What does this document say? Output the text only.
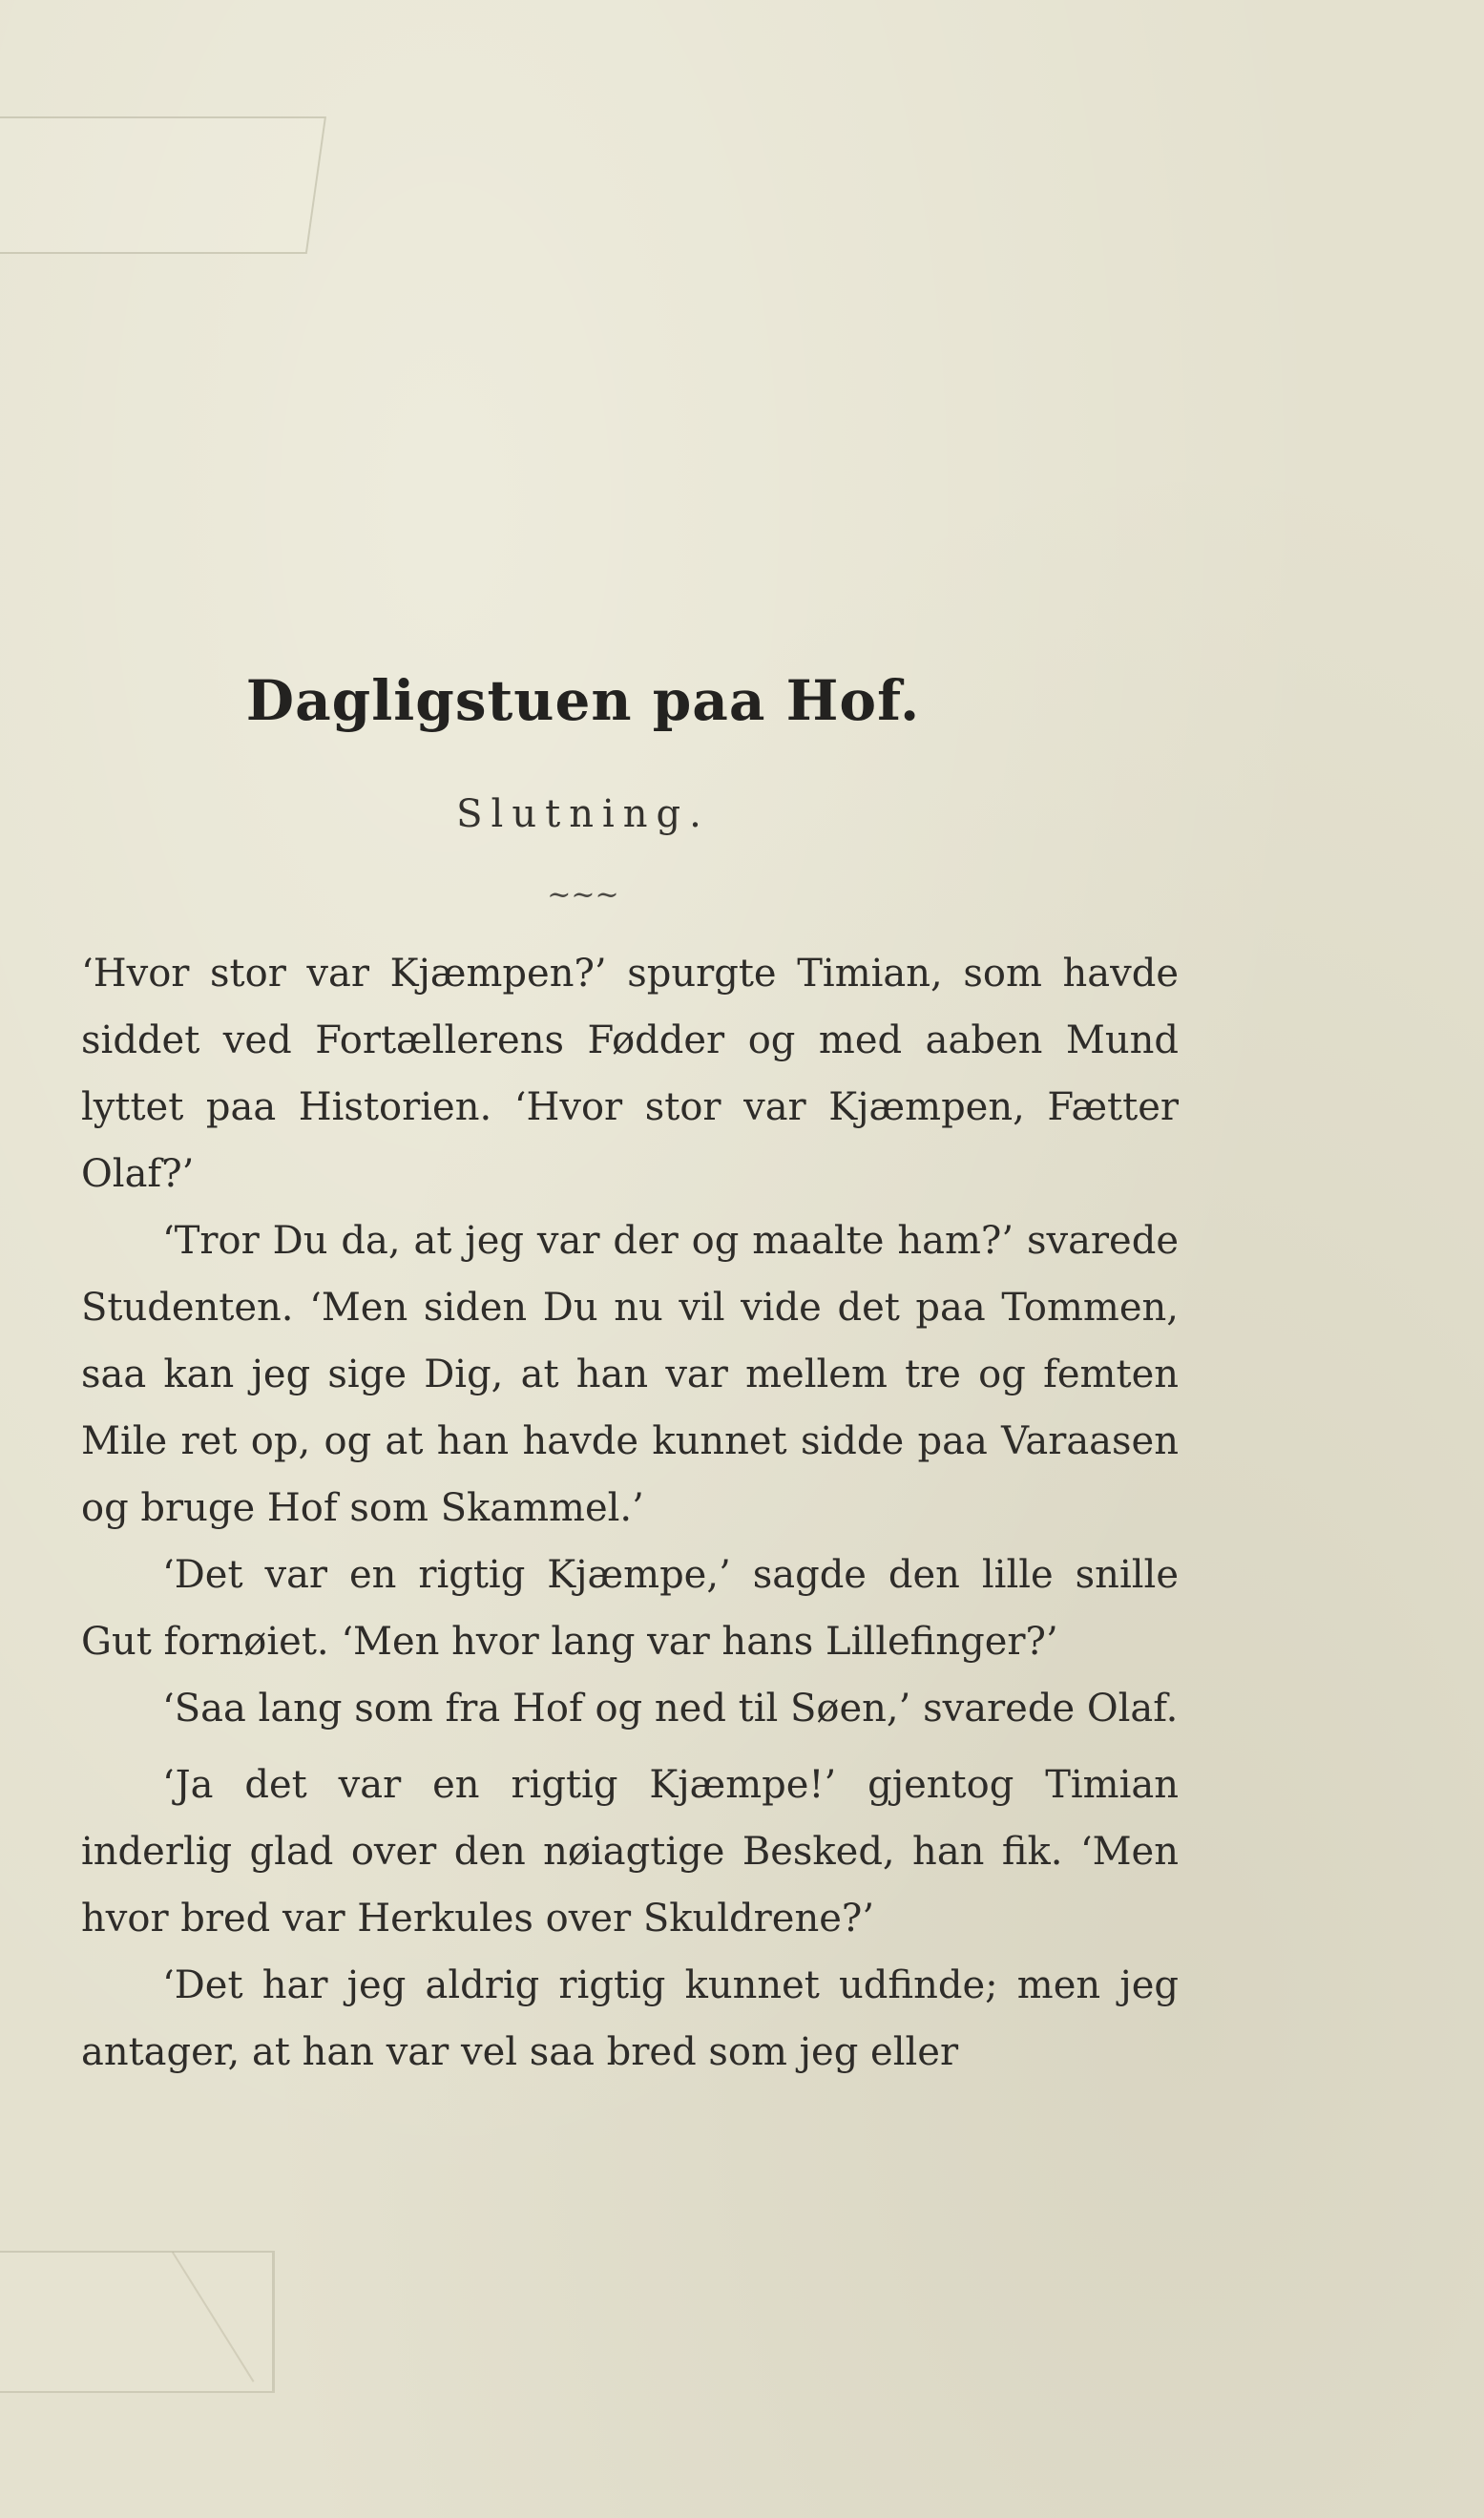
Dagligstuen paa Hof.
Slutning.
~~~

‘Hvor stor var Kjæmpen?’ spurgte Timian, som havde siddet ved Fortællerens Fødder og med aaben Mund lyttet paa Historien. ‘Hvor stor var Kjæmpen, Fætter Olaf?’

‘Tror Du da, at jeg var der og maalte ham?’ svarede Studenten. ‘Men siden Du nu vil vide det paa Tommen, saa kan jeg sige Dig, at han var mellem tre og femten Mile ret op, og at han havde kunnet sidde paa Varaasen og bruge Hof som Skammel.’

‘Det var en rigtig Kjæmpe,’ sagde den lille snille Gut fornøiet. ‘Men hvor lang var hans Lillefinger?’

‘Saa lang som fra Hof og ned til Søen,’ svarede Olaf.

‘Ja det var en rigtig Kjæmpe!’ gjentog Timian inderlig glad over den nøiagtige Besked, han fik. ‘Men hvor bred var Herkules over Skuldrene?’

‘Det har jeg aldrig rigtig kunnet udfinde; men jeg antager, at han var vel saa bred som jeg eller
